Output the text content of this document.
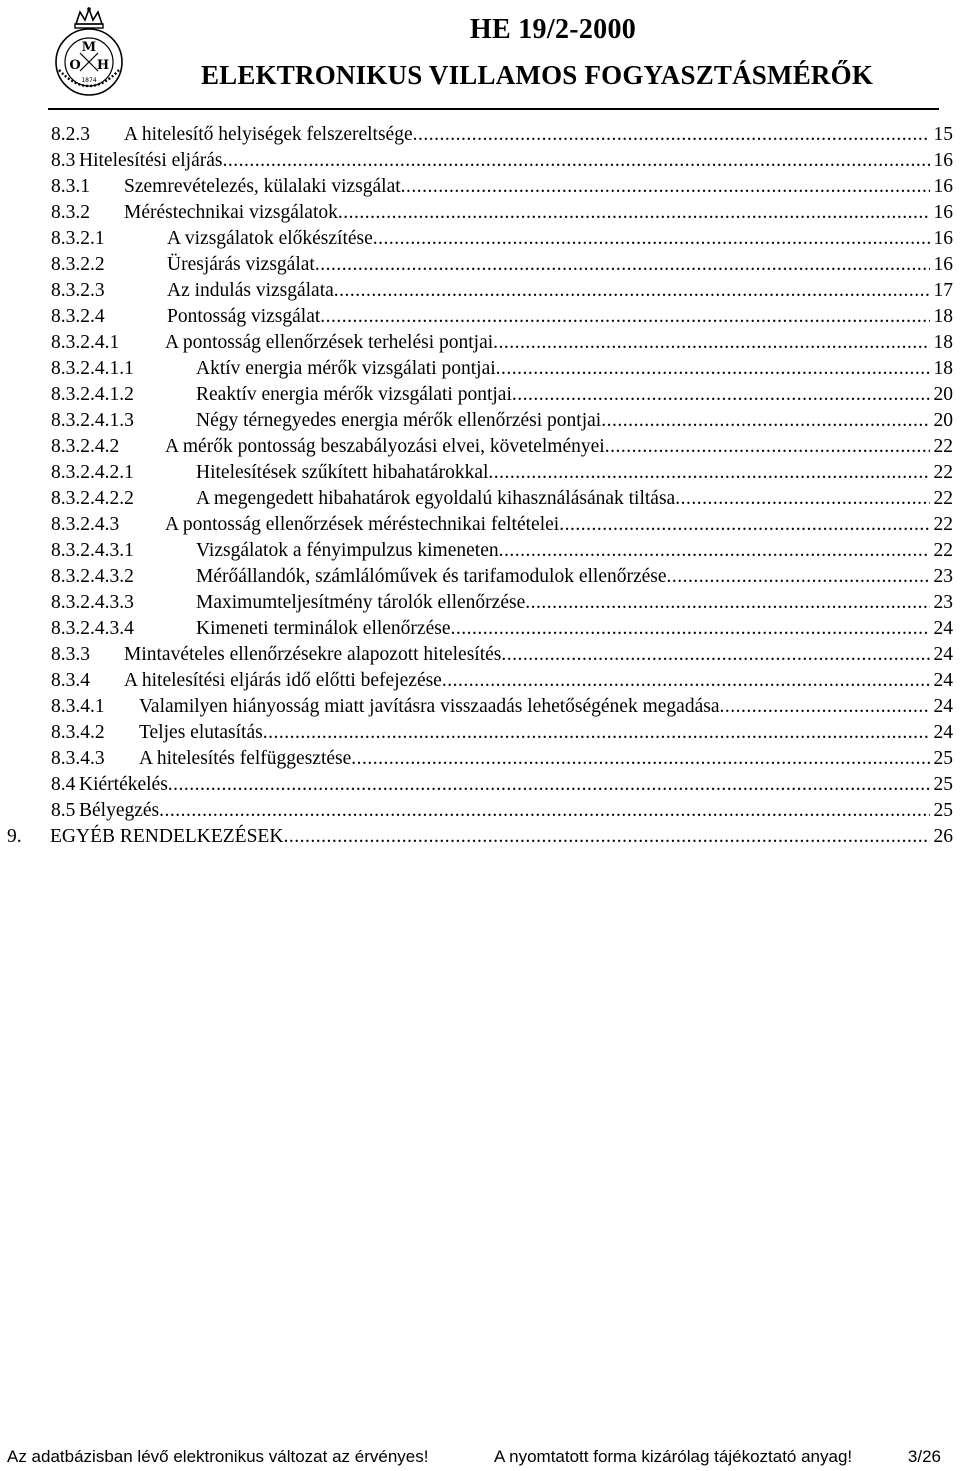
M
O H
1874
HE 19/2-2000
ELEKTRONIKUS VILLAMOS FOGYASZTÁSMÉRŐK
8.2.3 A hitelesítő helyiségek felszereltsége .....	15
8.3 Hitelesítési eljárás .....	16
8.3.1 Szemrevételezés, külalaki vizsgálat .....	16
8.3.2 Méréstechnikai vizsgálatok .....	16
8.3.2.1	A vizsgálatok előkészítése .....	16
8.3.2.2	Üresjárás vizsgálat .....	16
8.3.2.3	Az indulás vizsgálata .....	17
8.3.2.4	Pontosság vizsgálat .....	18
8.3.2.4.1 A pontosság ellenőrzések terhelési pontjai .....	18
8.3.2.4.1.1	Aktív energia mérők vizsgálati pontjai .....	18
8.3.2.4.1.2	Reaktív energia mérők vizsgálati pontjai .....	20
8.3.2.4.1.3	Négy térnegyedes energia mérők ellenőrzési pontjai .....	20
8.3.2.4.2 A mérők pontosság beszabályozási elvei, követelményei .....	22
8.3.2.4.2.1	Hitelesítések szűkített hibahatárokkal .....	22
8.3.2.4.2.2	A megengedett hibahatárok egyoldalú kihasználásának tiltása .....	22
8.3.2.4.3 A pontosság ellenőrzések méréstechnikai feltételei .....	22
8.3.2.4.3.1	Vizsgálatok a fényimpulzus kimeneten .....	22
8.3.2.4.3.2	Mérőállandók, számlálóművek és tarifamodulok ellenőrzése .....	23
8.3.2.4.3.3	Maximumteljesítmény tárolók ellenőrzése .....	23
8.3.2.4.3.4	Kimeneti terminálok ellenőrzése .....	24
8.3.3 Mintavételes ellenőrzésekre alapozott hitelesítés .....	24
8.3.4 A hitelesítési eljárás idő előtti befejezése .....	24
8.3.4.1 Valamilyen hiányosság miatt javításra visszaadás lehetőségének megadása .....	24
8.3.4.2 Teljes elutasítás .....	24
8.3.4.3 A hitelesítés felfüggesztése .....	25
8.4 Kiértékelés .....	25
8.5 Bélyegzés .....	25
9. EGYÉB RENDELKEZÉSEK .....	26
Az adatbázisban lévő elektronikus változat az érvényes!	A nyomtatott forma kizárólag tájékoztató anyag!	3/26
